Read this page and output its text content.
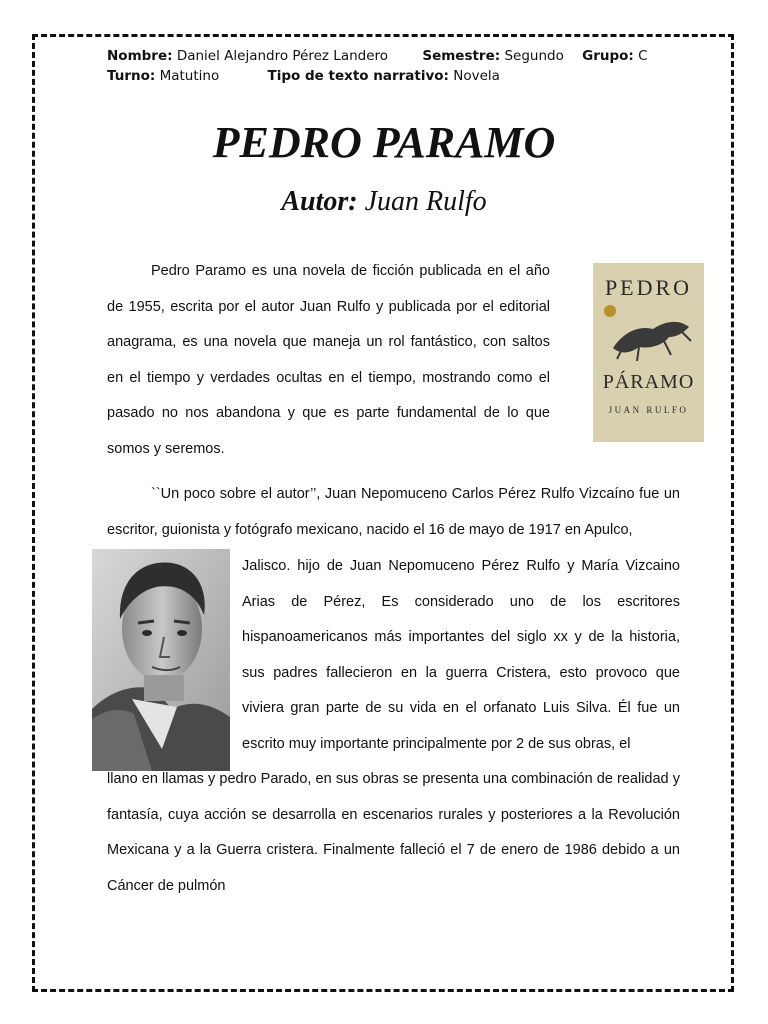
Nombre: Daniel Alejandro Pérez Landero	Semestre: Segundo Grupo: C
Turno: Matutino	Tipo de texto narrativo: Novela
PEDRO PARAMO
Autor: Juan Rulfo

Pedro Paramo es una novela de ficción publicada en el año de 1955, escrita por el autor Juan Rulfo y publicada por el editorial anagrama, es una novela que maneja un rol fantástico, con saltos en el tiempo y verdades ocultas en el tiempo, mostrando como el pasado no nos abandona y que es parte fundamental de lo que somos y seremos.

PEDRO
PÁRAMO
JUAN RULFO

``Un poco sobre el autor’’, Juan Nepomuceno Carlos Pérez Rulfo Vizcaíno fue un escritor, guionista y fotógrafo mexicano, nacido el 16 de mayo de 1917 en Apulco,

Jalisco. hijo de Juan Nepomuceno Pérez Rulfo y María Vizcaino Arias de Pérez, Es considerado uno de los escritores hispanoamericanos más importantes del siglo xx y de la historia, sus padres fallecieron en la guerra Cristera, esto provoco que viviera gran parte de su vida en el orfanato Luis Silva. Él fue un escrito muy importante principalmente por 2 de sus obras, el

llano en llamas y pedro Parado, en sus obras se presenta una combinación de realidad y fantasía, cuya acción se desarrolla en escenarios rurales y posteriores a la Revolución Mexicana y a la Guerra cristera. Finalmente falleció el 7 de enero de 1986 debido a un Cáncer de pulmón
